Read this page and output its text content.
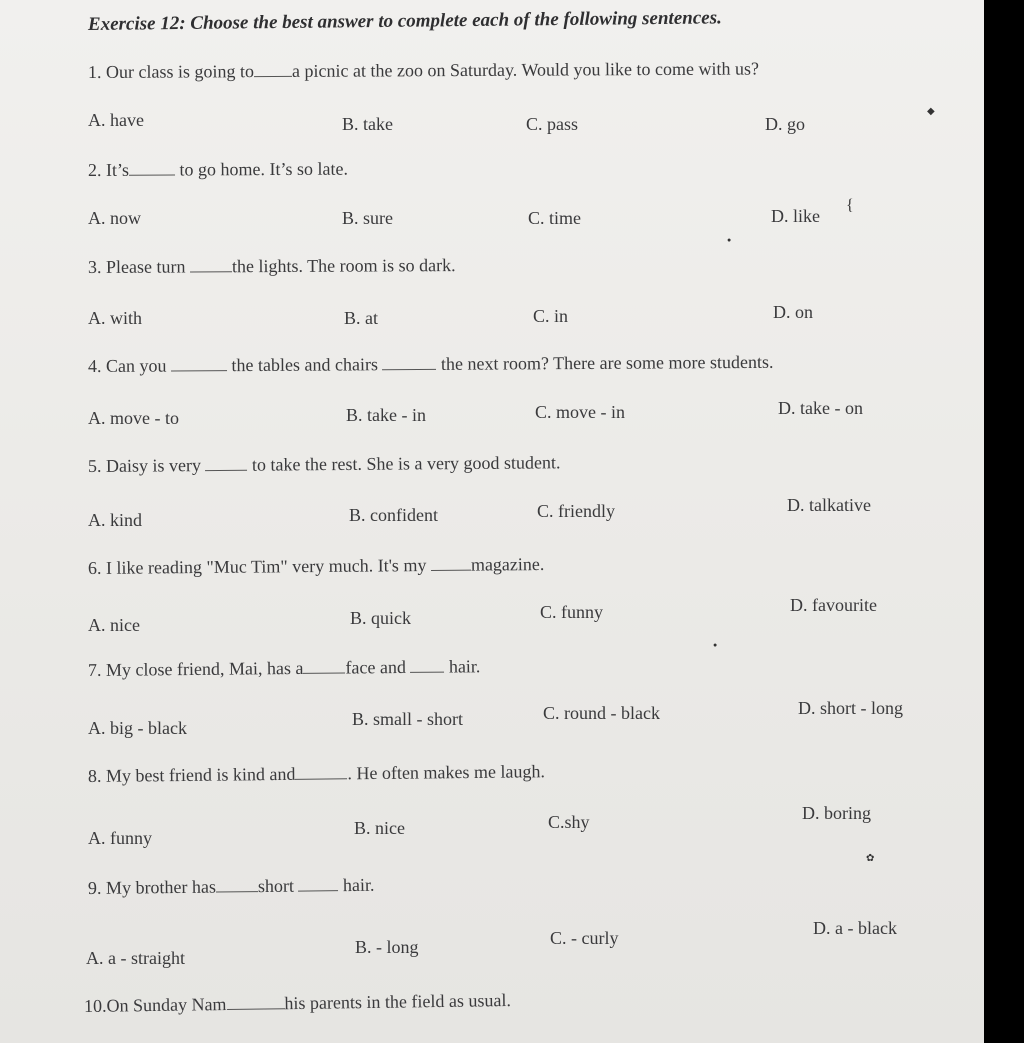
Exercise 12: Choose the best answer to complete each of the following sentences.
1. Our class is going to a picnic at the zoo on Saturday. Would you like to come with us?
A. have	B. take	C. pass	D. go
2. It’s	to go home. It’s so late.
A. now	B. sure	C. time	D. like
3. Please turn	the lights. The room is so dark.
A. with	B. at	C. in	D. on
4. Can you	the tables and chairs	the next room? There are some more students.
A. move - to	B. take - in	C. move - in	D. take - on
5. Daisy is very	to take the rest. She is a very good student.
A. kind	B. confident	C. friendly	D. talkative
6. I like reading "Muc Tim" very much. It's my magazine.
A. nice	B. quick	C. funny	D. favourite
7. My close friend, Mai, has a face and hair.
A. big - black	B. small - short	C. round - black	D. short - long
8. My best friend is kind and	. He often makes me laugh.
A. funny	B. nice	C.shy	D. boring
9. My brother has short	hair.
A. a - straight
B. - long	C. - curly	D. a - black
10.On Sunday Nam	his parents in the field as usual.
◆
{
●
●
✿
